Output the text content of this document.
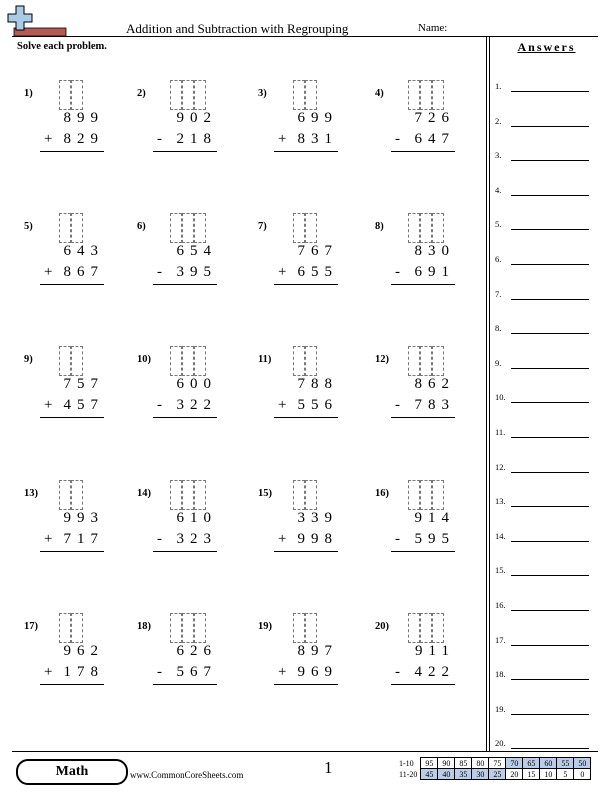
Addition and Subtraction with Regrouping	Name:
Solve each problem.	Answers
1.
2.
3.
4.
5.
6.
7.
8.
9.
10.
11.
12.
13.
14.
15.
16.
17.
18.
19.
20.
1)
899
+ 829
2)
902
- 218
3)
699
+ 831
4)
726
- 647
5)
643
+ 867
6)
654
- 395
7)
767
+ 655
8)
830
- 691
9)
757
+ 457
10)
600
- 322
11)
788
+ 556
12)
862
- 783
13)
993
+ 717
14)
610
- 323
15)
339
+ 998
16)
914
- 595
17)
962
+ 178
18)
626
- 567
19)
897
+ 969
20)
911
- 422
Math	www.CommonCoreSheets.com	1	1-10	95	90	85	80	75	70	65	60	55	50
11-20	45	40	35	30	25	20	15	10	5	0
